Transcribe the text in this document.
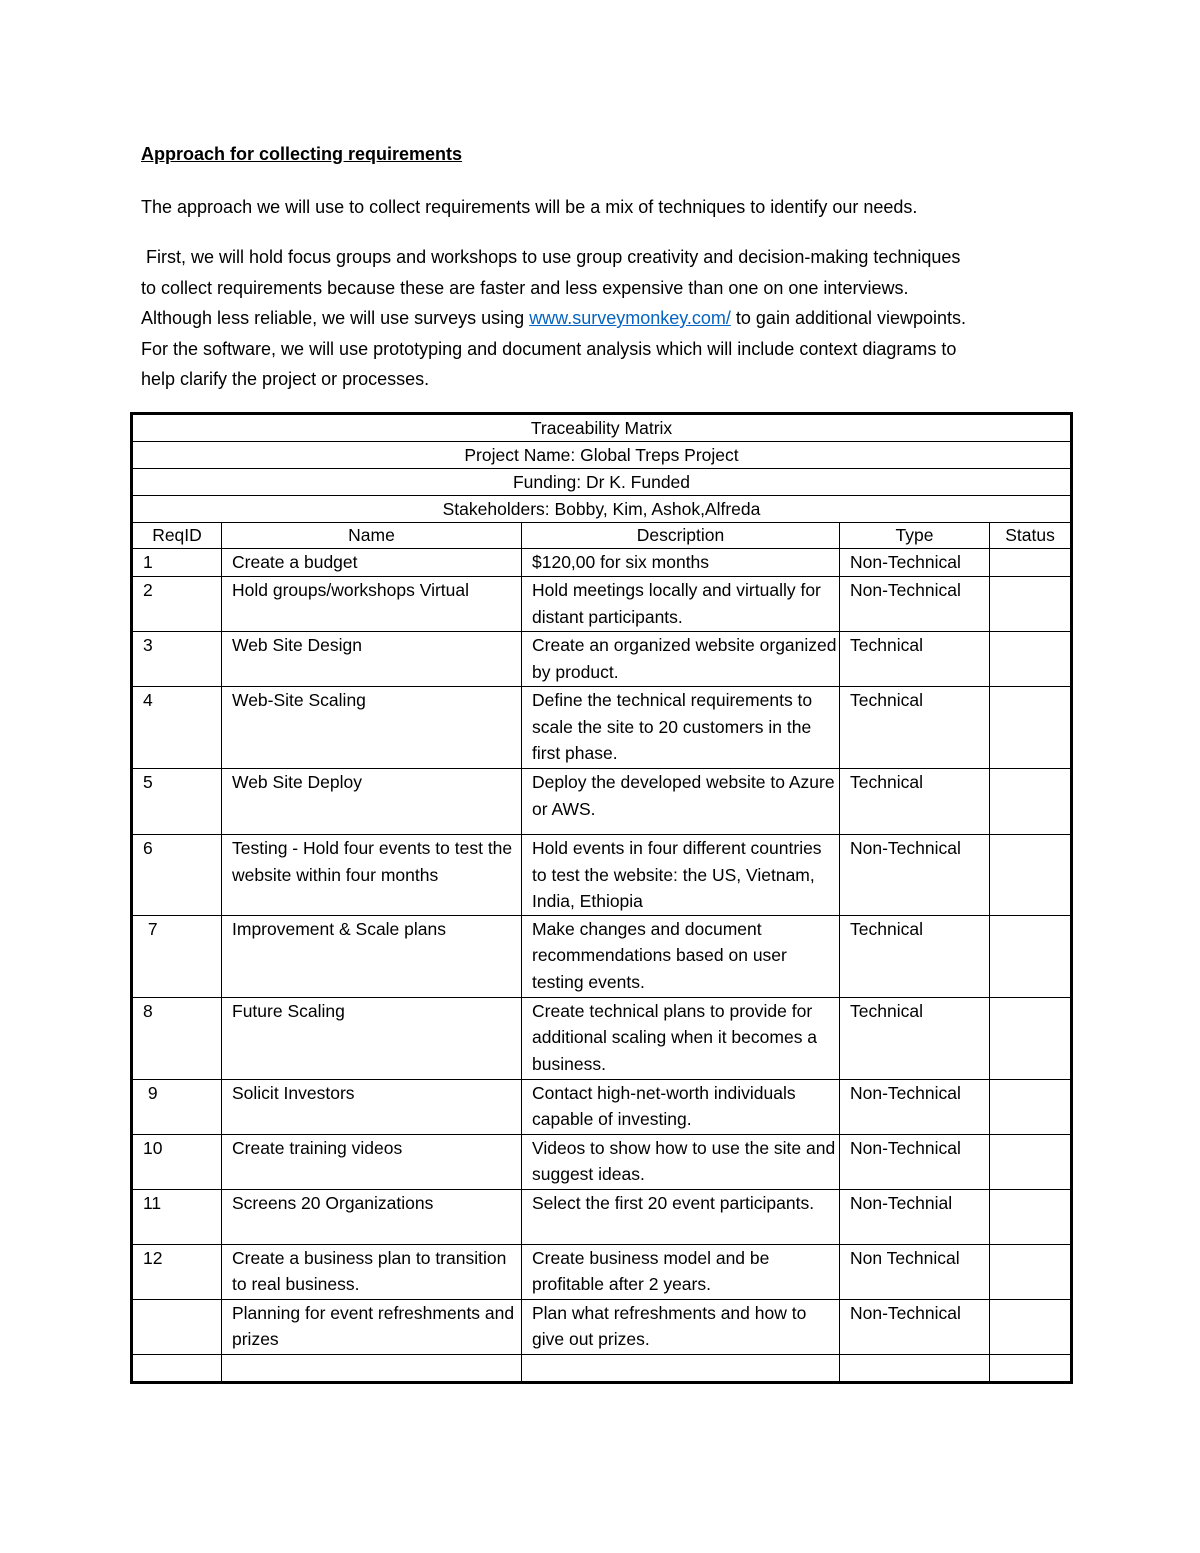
Approach for collecting requirements
The approach we will use to collect requirements will be a mix of techniques to identify our needs.
First, we will hold focus groups and workshops to use group creativity and decision-making techniques
to collect requirements because these are faster and less expensive than one on one interviews.
Although less reliable, we will use surveys using www.surveymonkey.com/ to gain additional viewpoints.
For the software, we will use prototyping and document analysis which will include context diagrams to
help clarify the project or processes.
Traceability Matrix				
Project Name: Global Treps Project				
Funding: Dr K. Funded				
Stakeholders: Bobby, Kim, Ashok,Alfreda				
ReqID	Name	Description	Type	Status
1	Create a budget	$120,00 for six months	Non-Technical	
2	Hold groups/workshops Virtual	Hold meetings locally and virtually for distant participants.	Non-Technical	
3	Web Site Design	Create an organized website organized by product.	Technical	
4	Web-Site Scaling	Define the technical requirements to scale the site to 20 customers in the first phase.	Technical	
5	Web Site Deploy	Deploy the developed website to Azure or AWS.	Technical	
6	Testing - Hold four events to test the website within four months	Hold events in four different countries to test the website: the US, Vietnam, India, Ethiopia	Non-Technical	
7	Improvement & Scale plans	Make changes and document recommendations based on user testing events.	Technical	
8	Future Scaling	Create technical plans to provide for additional scaling when it becomes a business.	Technical	
9	Solicit Investors	Contact high-net-worth individuals capable of investing.	Non-Technical	
10	Create training videos	Videos to show how to use the site and suggest ideas.	Non-Technical	
11	Screens 20 Organizations	Select the first 20 event participants.	Non-Technial	
12	Create a business plan to transition to real business.	Create business model and be profitable after 2 years.	Non Technical	
	Planning for event refreshments and prizes	Plan what refreshments and how to give out prizes.	Non-Technical	
